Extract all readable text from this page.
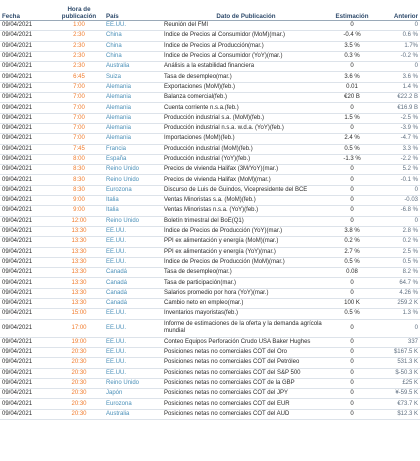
Fecha	Hora de publicación	País	Dato de Publicación	Estimación	Anterior
09/04/2021	1:00	EE.UU.	Reunión del FMI	0	0
09/04/2021	2:30	China	Índice de Precios al Consumidor (MoM)(mar.)	-0.4 %	0.6 %
09/04/2021	2:30	China	Índice de Precios al Producción(mar.)	3.5 %	1.7%
09/04/2021	2:30	China	Índice de Precios al Consumidor (YoY)(mar.)	0.3 %	-0.2 %
09/04/2021	2:30	Australia	Análisis a la estabilidad financiera	0	0
09/04/2021	6:45	Suiza	Tasa de desempleo(mar.)	3.6 %	3.6 %
09/04/2021	7:00	Alemania	Exportaciones (MoM)(feb.)	0.01	1.4 %
09/04/2021	7:00	Alemania	Balanza comercial(feb.)	€20 B	€22.2 B
09/04/2021	7:00	Alemania	Cuenta corriente n.s.a.(feb.)	0	€16.9 B
09/04/2021	7:00	Alemania	Producción industrial s.a. (MoM)(feb.)	1.5 %	-2.5 %
09/04/2021	7:00	Alemania	Producción industrial n.s.a. w.d.a. (YoY)(feb.)	0	-3.9 %
09/04/2021	7:00	Alemania	Importaciones (MoM)(feb.)	2.4 %	-4.7 %
09/04/2021	7:45	Francia	Producción industrial (MoM)(feb.)	0.5 %	3.3 %
09/04/2021	8:00	España	Producción industrial (YoY)(feb.)	-1.3 %	-2.2 %
09/04/2021	8:30	Reino Unido	Precios de vivienda Halifax (3M/YoY)(mar.)	0	5.2 %
09/04/2021	8:30	Reino Unido	Precios de vivienda Halifax (MoM)(mar.)	0	-0.1 %
09/04/2021	8:30	Eurozona	Discurso de Luis de Guindos, Vicepresidente del BCE	0	0
09/04/2021	9:00	Italia	Ventas Minoristas s.a. (MoM)(feb.)	0	-0.03
09/04/2021	9:00	Italia	Ventas Minoristas n.s.a. (YoY)(feb.)	0	-6.8 %
09/04/2021	12:00	Reino Unido	Boletín trimestral del BoE(Q1)	0	0
09/04/2021	13:30	EE.UU.	Índice de Precios de Producción (YoY)(mar.)	3.8 %	2.8 %
09/04/2021	13:30	EE.UU.	PPI ex alimentación y energía (MoM)(mar.)	0.2 %	0.2 %
09/04/2021	13:30	EE.UU.	PPI ex alimentación y energía (YoY)(mar.)	2.7 %	2.5 %
09/04/2021	13:30	EE.UU.	Índice de Precios de Producción (MoM)(mar.)	0.5 %	0.5 %
09/04/2021	13:30	Canadá	Tasa de desempleo(mar.)	0.08	8.2 %
09/04/2021	13:30	Canadá	Tasa de participación(mar.)	0	64.7 %
09/04/2021	13:30	Canadá	Salarios promedio por hora (YoY)(mar.)	0	4.26 %
09/04/2021	13:30	Canadá	Cambio neto en empleo(mar.)	100 K	259.2 K
09/04/2021	15:00	EE.UU.	Inventarios mayoristas(feb.)	0.5 %	1.3 %
09/04/2021	17:00	EE.UU.	Informe de estimaciones de la oferta y la demanda agrícola mundial	0	0
09/04/2021	19:00	EE.UU.	Conteo Equipos Perforación Crudo USA Baker Hughes	0	337
09/04/2021	20:30	EE.UU.	Posiciones netas no comerciales COT del Oro	0	$167.5 K
09/04/2021	20:30	EE.UU.	Posiciones netas no comerciales COT del Petróleo	0	531.3 K
09/04/2021	20:30	EE.UU.	Posiciones netas no comerciales COT del S&P 500	0	$-50.3 K
09/04/2021	20:30	Reino Unido	Posiciones netas no comerciales COT de la GBP	0	£25 K
09/04/2021	20:30	Japón	Posiciones netas no comerciales COT del JPY	0	¥-59.5 K
09/04/2021	20:30	Eurozona	Posiciones netas no comerciales COT del EUR	0	€73.7 K
09/04/2021	20:30	Australia	Posiciones netas no comerciales COT del AUD	0	$12.3 K
